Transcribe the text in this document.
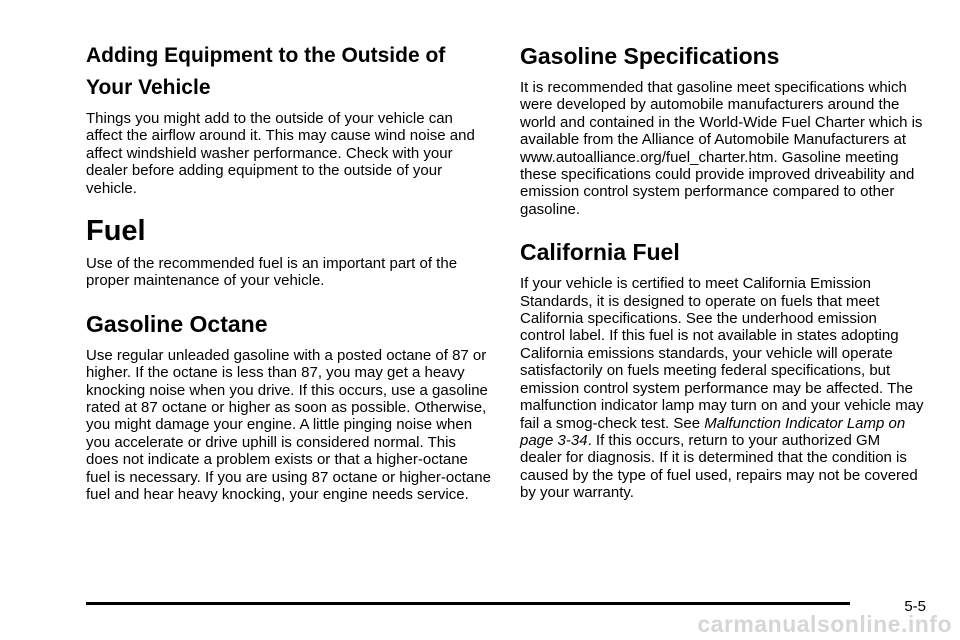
Adding Equipment to the Outside of Your Vehicle

Things you might add to the outside of your vehicle can affect the airflow around it. This may cause wind noise and affect windshield washer performance. Check with your dealer before adding equipment to the outside of your vehicle.

Fuel

Use of the recommended fuel is an important part of the proper maintenance of your vehicle.

Gasoline Octane

Use regular unleaded gasoline with a posted octane of 87 or higher. If the octane is less than 87, you may get a heavy knocking noise when you drive. If this occurs, use a gasoline rated at 87 octane or higher as soon as possible. Otherwise, you might damage your engine. A little pinging noise when you accelerate or drive uphill is considered normal. This does not indicate a problem exists or that a higher-octane fuel is necessary. If you are using 87 octane or higher-octane fuel and hear heavy knocking, your engine needs service.

Gasoline Specifications

It is recommended that gasoline meet specifications which were developed by automobile manufacturers around the world and contained in the World-Wide Fuel Charter which is available from the Alliance of Automobile Manufacturers at www.autoalliance.org/fuel_charter.htm. Gasoline meeting these specifications could provide improved driveability and emission control system performance compared to other gasoline.

California Fuel

If your vehicle is certified to meet California Emission Standards, it is designed to operate on fuels that meet California specifications. See the underhood emission control label. If this fuel is not available in states adopting California emissions standards, your vehicle will operate satisfactorily on fuels meeting federal specifications, but emission control system performance may be affected. The malfunction indicator lamp may turn on and your vehicle may fail a smog-check test. See Malfunction Indicator Lamp on page 3-34. If this occurs, return to your authorized GM dealer for diagnosis. If it is determined that the condition is caused by the type of fuel used, repairs may not be covered by your warranty.

5-5
carmanualsonline.info
